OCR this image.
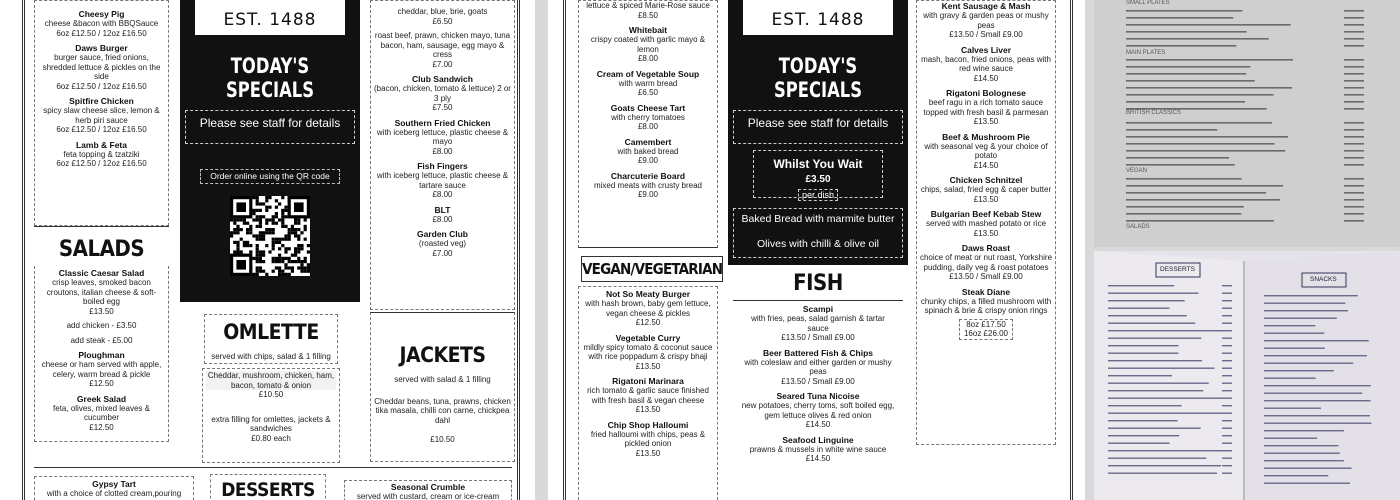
Cheesy Pig
cheese &bacon with BBQSauce
6oz £12.50 / 12oz £16.50
Daws Burger
burger sauce, fried onions, shredded lettuce & pickles on the side
6oz £12.50 / 12oz £16.50
Spitfire Chicken
spicy slaw cheese slice, lemon & herb piri sauce
6oz £12.50 / 12oz £16.50
Lamb & Feta
feta topping & tzatziki
6oz £12.50 / 12oz £16.50
SALADS
Classic Caesar Salad
crisp leaves, smoked bacon croutons, italian cheese & soft-boiled egg
£13.50
add chicken - £3.50
add steak - £5.00
Ploughman
cheese or ham served with apple, celery, warm bread & pickle
£12.50
Greek Salad
feta, olives, mixed leaves & cucumber
£12.50
EST. 1488
TODAY'S
SPECIALS
Please see staff for details
Order online using the QR code
cheddar, blue, brie, goats
£6.50
roast beef, prawn, chicken mayo, tuna bacon, ham, sausage, egg mayo & cress
£7.00
Club Sandwich
(bacon, chicken, tomato & lettuce) 2 or 3 ply
£7.50
Southern Fried Chicken
with iceberg lettuce, plastic cheese & mayo
£8.00
Fish Fingers
with iceberg lettuce, plastic cheese & tartare sauce
£8.00
BLT
£8.00
Garden Club
(roasted veg)
£7.00
OMLETTE
served with chips, salad & 1 filling
Cheddar, mushroom, chicken, ham, bacon, tomato & onion
£10.50
extra filling for omlettes, jackets & sandwiches
£0.80 each
JACKETS
served with salad & 1 filling
Cheddar beans, tuna, prawns, chicken tika masala, chilli con carne, chickpea dahl
£10.50
Gypsy Tart
with a choice of clotted cream,pouring	DESSERTS	Seasonal Crumble
served with custard, cream or ice-cream
lettuce & spiced Marie-Rose sauce
£8.50
Whitebait
crispy coated with garlic mayo & lemon
£8.00
Cream of Vegetable Soup
with warm bread
£6.50
Goats Cheese Tart
with cherry tomatoes
£8.00
Camembert
with baked bread
£9.00
Charcuterie Board
mixed meats with crusty bread
£9.00
VEGAN/VEGETARIAN
Not So Meaty Burger
with hash brown, baby gem lettuce, vegan cheese & pickles
£12.50
Vegetable Curry
mildly spicy tomato & coconut sauce with rice poppadum & crispy bhaji
£13.50
Rigatoni Marinara
rich tomato & garlic sauce finished with fresh basil & vegan cheese
£13.50
Chip Shop Halloumi
fried halloumi with chips, peas & pickled onion
£13.50
EST. 1488
TODAY'S
SPECIALS
Please see staff for details
Whilst You Wait
£3.50
per dish
Baked Bread with marmite butter
Olives with chilli & olive oil
FISH
Scampi
with fries, peas, salad garnish & tartar sauce
£13.50 / Small £9.00
Beer Battered Fish & Chips
with coleslaw and either garden or mushy peas
£13.50 / Small £9.00
Seared Tuna Nicoise
new potatoes, cherry toms, soft boiled egg, gem lettuce olives & red onion
£14.50
Seafood Linguine
prawns & mussels in white wine sauce
£14.50
Kent Sausage & Mash
with gravy & garden peas or mushy peas
£13.50 / Small £9.00
Calves Liver
mash, bacon, fried onions, peas with red wine sauce
£14.50
Rigatoni Bolognese
beef ragu in a rich tomato sauce topped with fresh basil & parmesan
£13.50
Beef & Mushroom Pie
with seasonal veg & your choice of potato
£14.50
Chicken Schnitzel
chips, salad, fried egg & caper butter
£13.50
Bulgarian Beef Kebab Stew
served with mashed potato or rice
£13.50
Daws Roast
choice of meat or nut roast, Yorkshire pudding, daily veg & roast potatoes
£13.50 / Small £9.00
Steak Diane
chunky chips, a filled mushroom with spinach & brie & crispy onion rings
8oz £17.50
16oz £26.00
SMALL PLATES
MAIN PLATES
BRITISH CLASSICS
VEGAN
SALADS
DESSERTS
SNACKS
